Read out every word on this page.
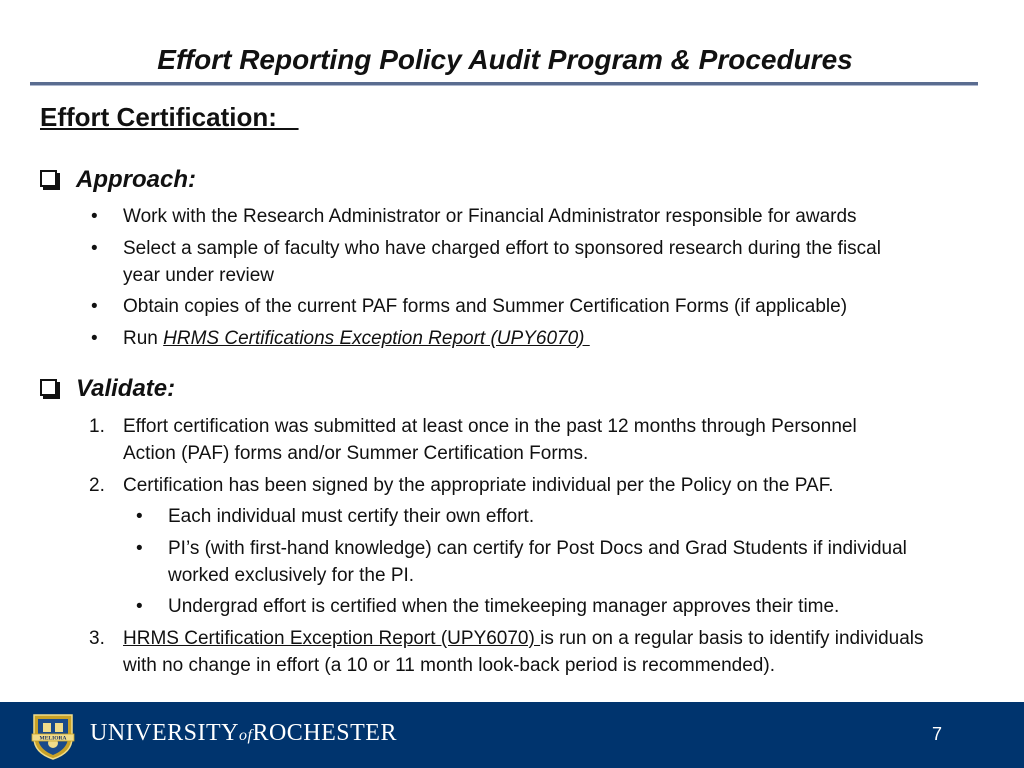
Effort Reporting Policy Audit Program & Procedures
Effort Certification:
Approach:
•	Work with the Research Administrator or Financial Administrator responsible for awards
•	Select a sample of faculty who have charged effort to sponsored research during the fiscal
year under review
•	Obtain copies of the current PAF forms and Summer Certification Forms (if applicable)
•	Run HRMS Certifications Exception Report (UPY6070)
Validate:
1. Effort certification was submitted at least once in the past 12 months through Personnel
Action (PAF) forms and/or Summer Certification Forms.
2. Certification has been signed by the appropriate individual per the Policy on the PAF.
•	Each individual must certify their own effort.
•	PI’s (with first-hand knowledge) can certify for Post Docs and Grad Students if individual
worked exclusively for the PI.
•	Undergrad effort is certified when the timekeeping manager approves their time.
3. HRMS Certification Exception Report (UPY6070) is run on a regular basis to identify individuals
with no change in effort (a 10 or 11 month look-back period is recommended).
MELIORA UNIVERSITYofROCHESTER	7
